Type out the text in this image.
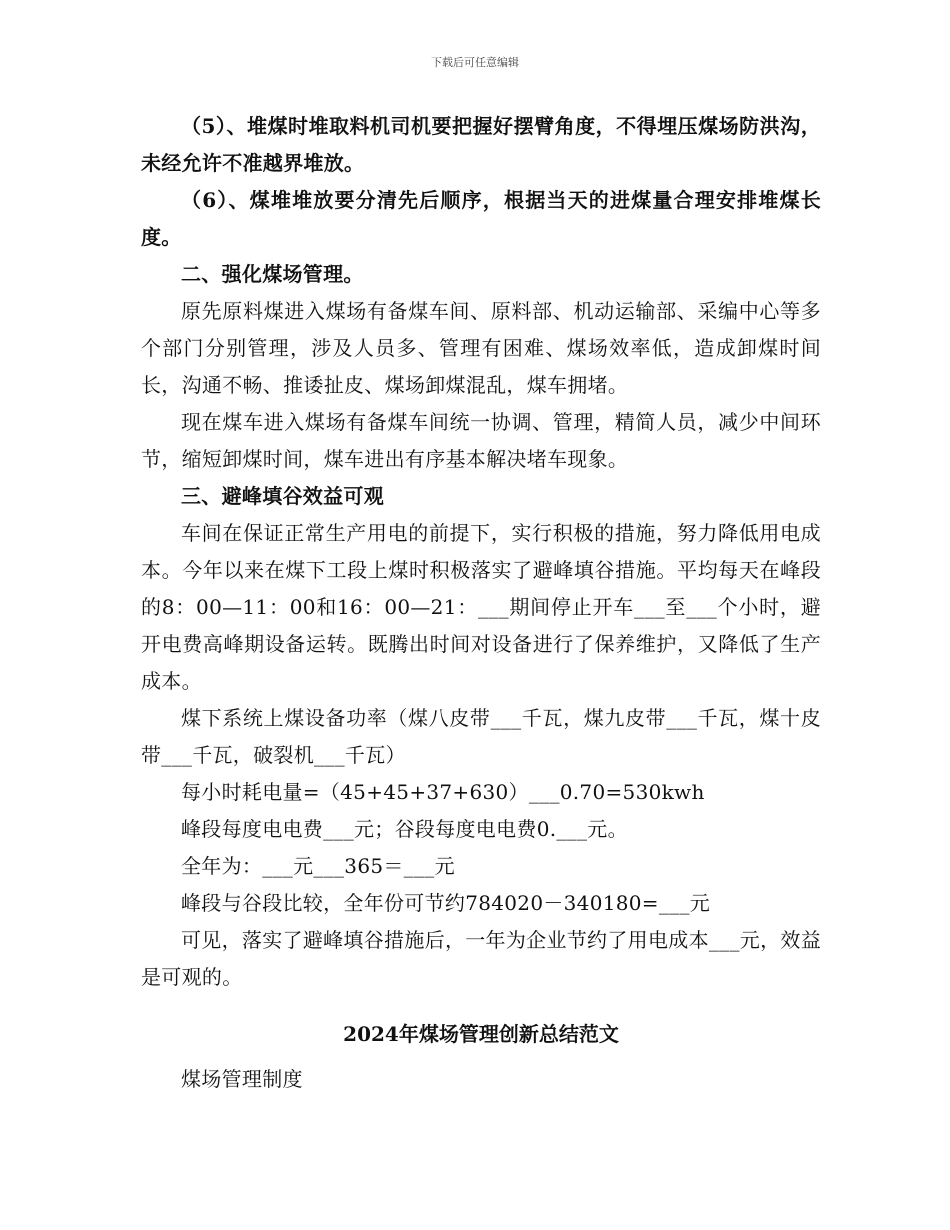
下载后可任意编辑

（5）、堆煤时堆取料机司机要把握好摆臂角度，不得埋压煤场防洪沟，未经允许不准越界堆放。

（6）、煤堆堆放要分清先后顺序，根据当天的进煤量合理安排堆煤长度。

二、强化煤场管理。

原先原料煤进入煤场有备煤车间、原料部、机动运输部、采编中心等多个部门分别管理，涉及人员多、管理有困难、煤场效率低，造成卸煤时间长，沟通不畅、推诿扯皮、煤场卸煤混乱，煤车拥堵。

现在煤车进入煤场有备煤车间统一协调、管理，精简人员，减少中间环节，缩短卸煤时间，煤车进出有序基本解决堵车现象。

三、避峰填谷效益可观

车间在保证正常生产用电的前提下，实行积极的措施，努力降低用电成本。今年以来在煤下工段上煤时积极落实了避峰填谷措施。平均每天在峰段的8：00—11：00和16：00—21：___期间停止开车___至___个小时，避开电费高峰期设备运转。既腾出时间对设备进行了保养维护，又降低了生产成本。

煤下系统上煤设备功率（煤八皮带___千瓦，煤九皮带___千瓦，煤十皮带___千瓦，破裂机___千瓦）

每小时耗电量=（45+45+37+630）___0.70=530kwh

峰段每度电电费___元；谷段每度电电费0.___元。

全年为：___元___365＝___元

峰段与谷段比较，全年份可节约784020－340180=___元

可见，落实了避峰填谷措施后，一年为企业节约了用电成本___元，效益是可观的。

2024年煤场管理创新总结范文

煤场管理制度
